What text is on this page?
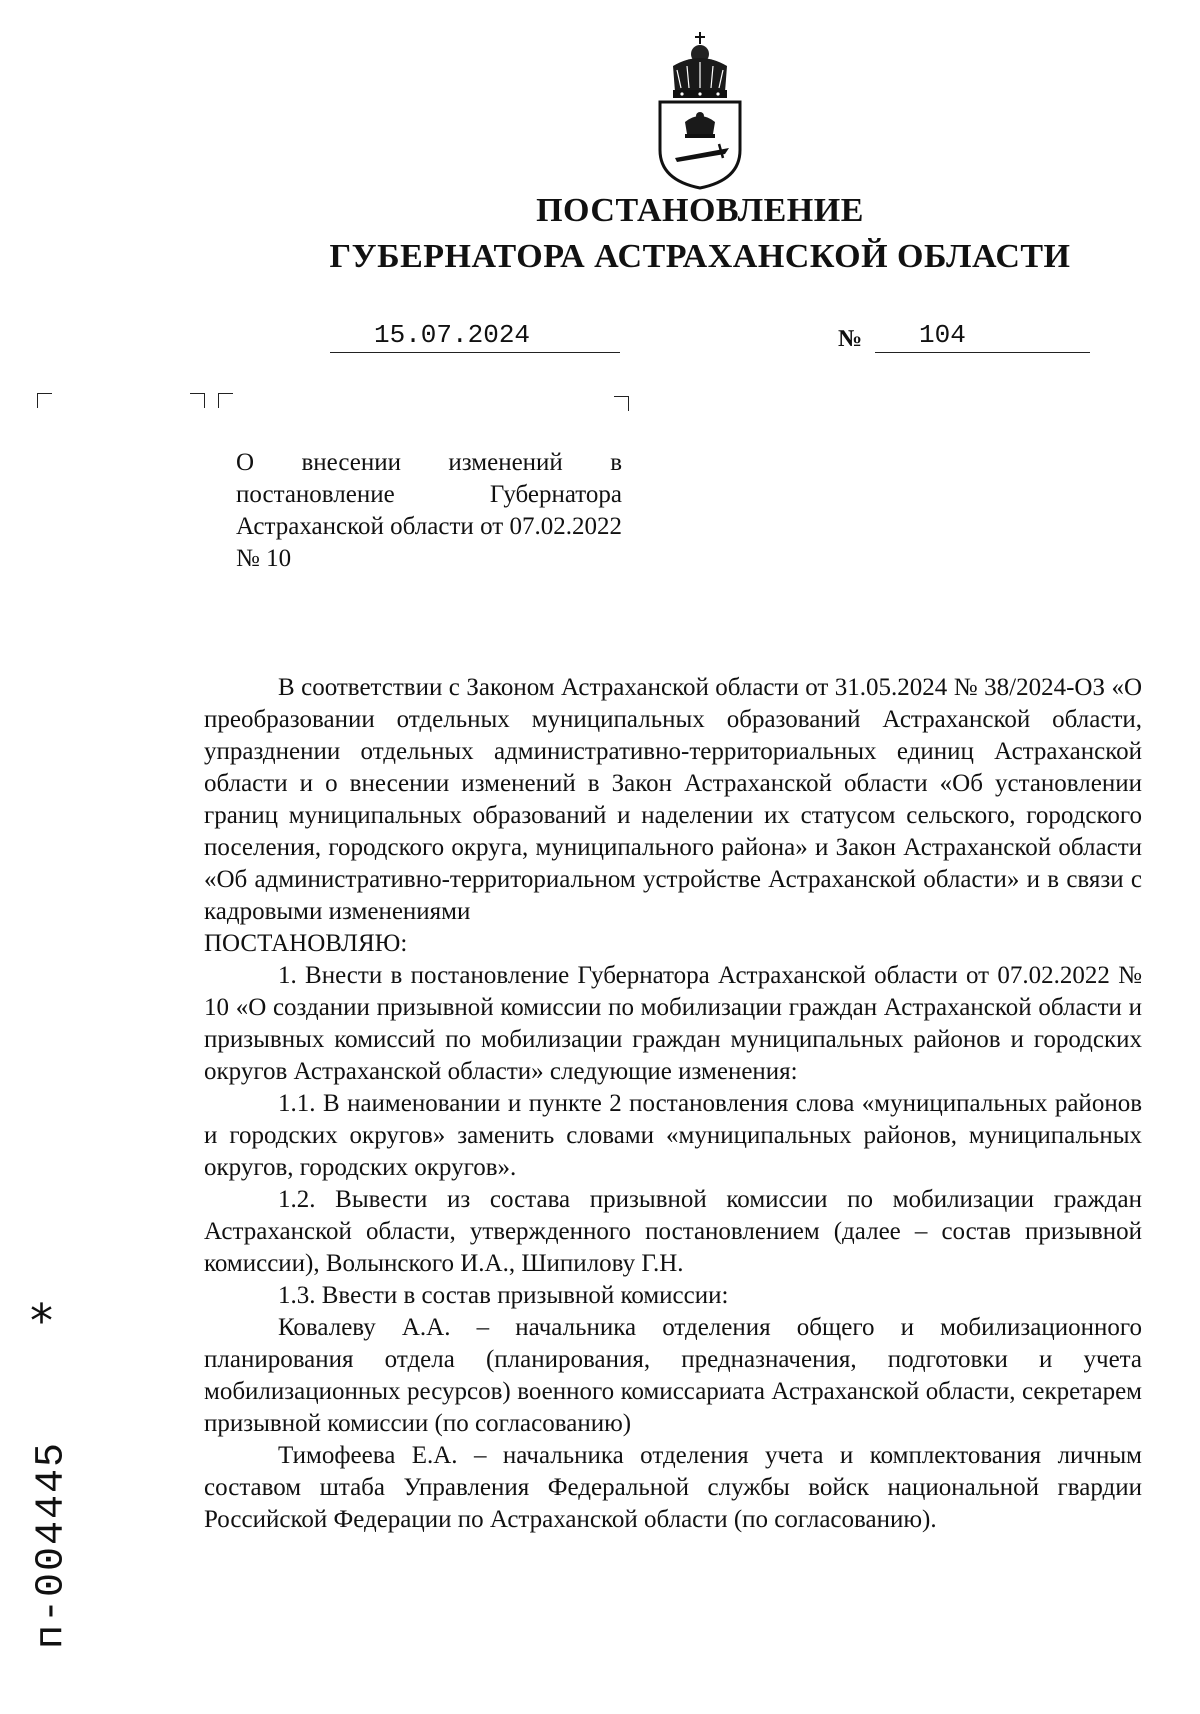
ПОСТАНОВЛЕНИЕ
ГУБЕРНАТОРА АСТРАХАНСКОЙ ОБЛАСТИ
15.07.2024	№ 104

О внесении изменений в постановление Губернатора Астраханской области от 07.02.2022 № 10

В соответствии с Законом Астраханской области от 31.05.2024 № 38/2024-ОЗ «О преобразовании отдельных муниципальных образований Астраханской области, упразднении отдельных административно-территориальных единиц Астраханской области и о внесении изменений в Закон Астраханской области «Об установлении границ муниципальных образований и наделении их статусом сельского, городского поселения, городского округа, муниципального района» и Закон Астраханской области «Об административно-территориальном устройстве Астраханской области» и в связи с кадровыми изменениями

ПОСТАНОВЛЯЮ:

1. Внести в постановление Губернатора Астраханской области от 07.02.2022 № 10 «О создании призывной комиссии по мобилизации граждан Астраханской области и призывных комиссий по мобилизации граждан муниципальных районов и городских округов Астраханской области» следующие изменения:

1.1. В наименовании и пункте 2 постановления слова «муниципальных районов и городских округов» заменить словами «муниципальных районов, муниципальных округов, городских округов».

1.2. Вывести из состава призывной комиссии по мобилизации граждан Астраханской области, утвержденного постановлением (далее – состав призывной комиссии), Волынского И.А., Шипилову Г.Н.

1.3. Ввести в состав призывной комиссии:

Ковалеву А.А. – начальника отделения общего и мобилизационного планирования отдела (планирования, предназначения, подготовки и учета мобилизационных ресурсов) военного комиссариата Астраханской области, секретарем призывной комиссии (по согласованию)

Тимофеева Е.А. – начальника отделения учета и комплектования личным составом штаба Управления Федеральной службы войск национальной гвардии Российской Федерации по Астраханской области (по согласованию).

*
п-004445
